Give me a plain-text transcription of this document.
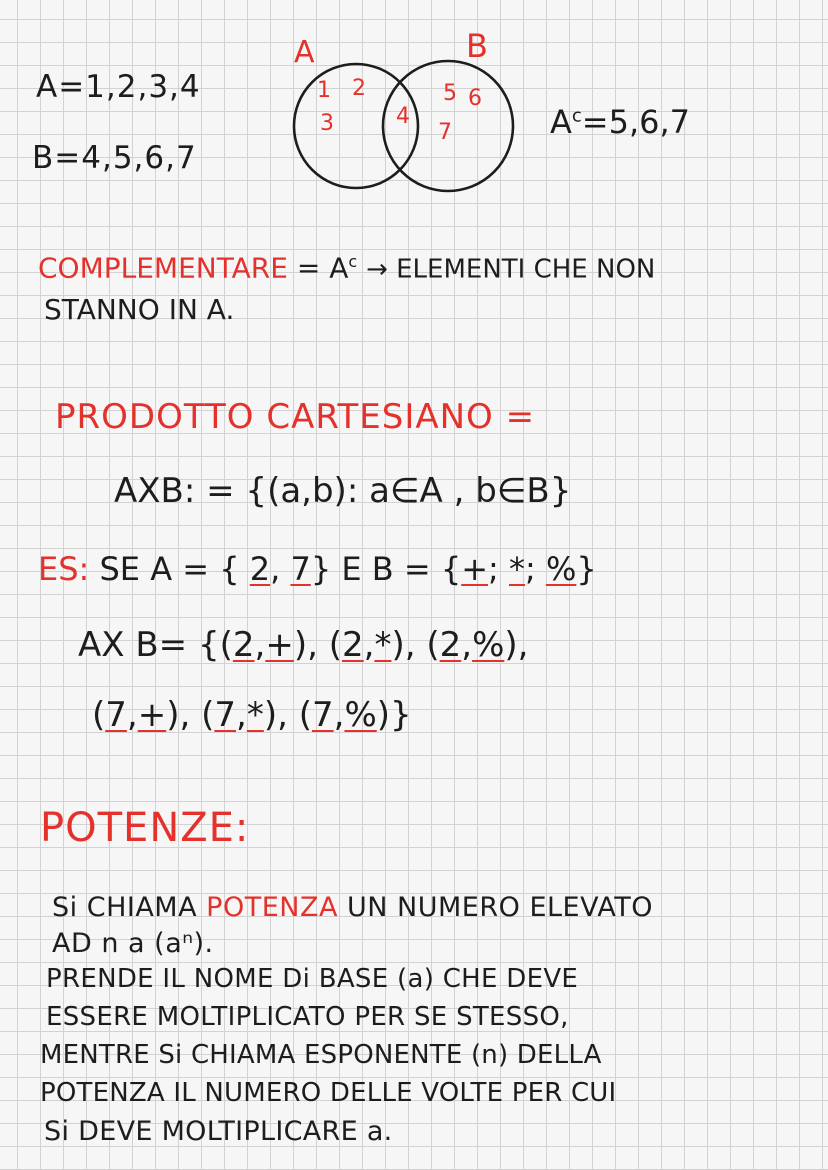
A=1,2,3,4
B=4,5,6,7
A	B
1 2
3	4
5 6
7	$A^c=5,6,7$
COMPLEMENTARE = $A^c$ → ELEMENTI CHE NON
STANNO IN A.
PRODOTTO CARTESIANO =
AXB: = {(a,b): a∈A , b∈B}
ES: SE A = { 2, 7} E B = {+; *; %}
AX B= {(2,+), (2,*), (2,%),
(7,+), (7,*), (7,%)}
POTENZE:
Si CHIAMA POTENZA UN NUMERO ELEVATO
AD n a (aⁿ).
PRENDE IL NOME Di BASE (a) CHE DEVE
ESSERE MOLTIPLICATO PER SE STESSO,
MENTRE Si CHIAMA ESPONENTE (n) DELLA
POTENZA IL NUMERO DELLE VOLTE PER CUI
Si DEVE MOLTIPLICARE a.
